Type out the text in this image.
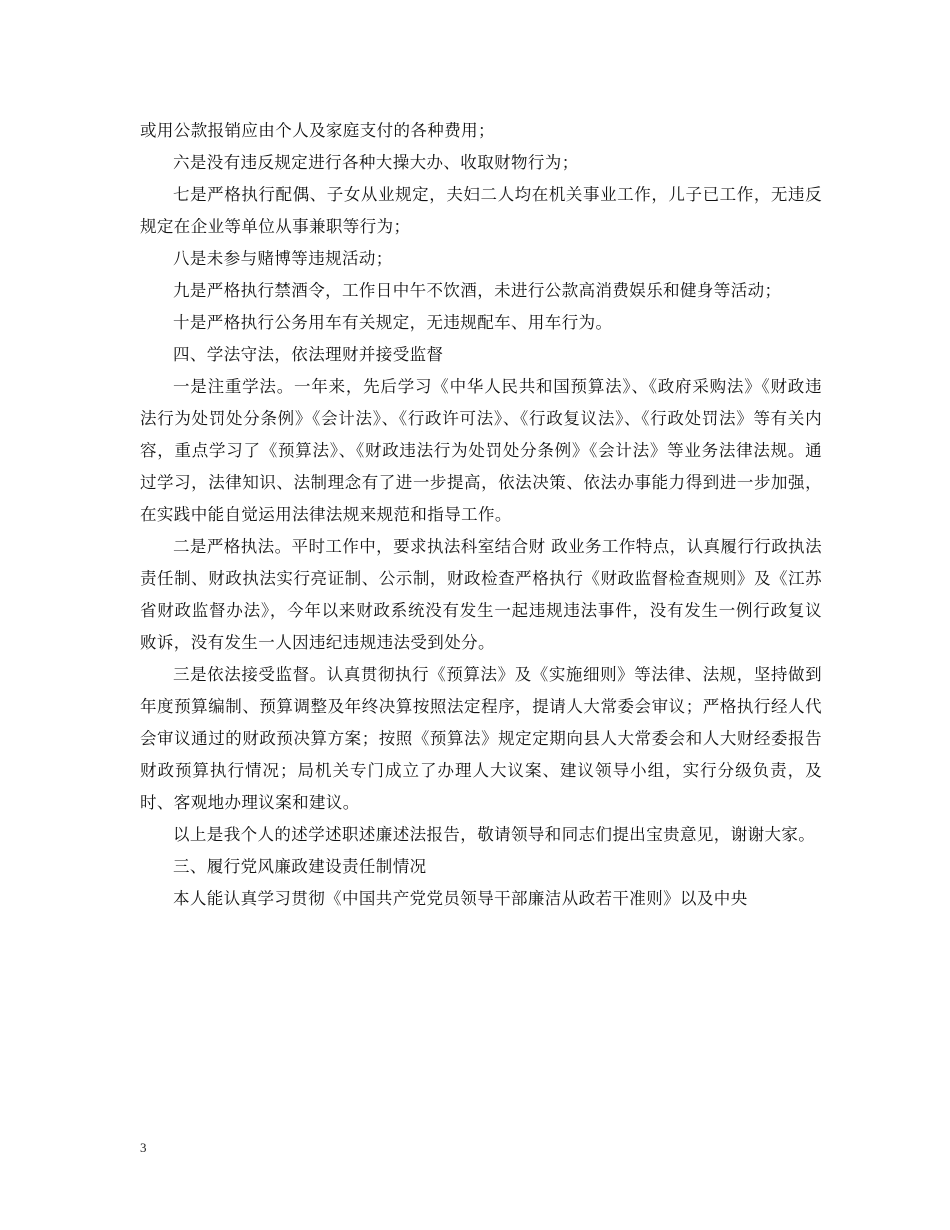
或用公款报销应由个人及家庭支付的各种费用；

六是没有违反规定进行各种大操大办、收取财物行为；

七是严格执行配偶、子女从业规定，夫妇二人均在机关事业工作，儿子已工作，无违反规定在企业等单位从事兼职等行为；

八是未参与赌博等违规活动；

九是严格执行禁酒令，工作日中午不饮酒，未进行公款高消费娱乐和健身等活动；

十是严格执行公务用车有关规定，无违规配车、用车行为。

四、学法守法，依法理财并接受监督

一是注重学法。一年来，先后学习《中华人民共和国预算法》、《政府采购法》《财政违法行为处罚处分条例》《会计法》、《行政许可法》、《行政复议法》、《行政处罚法》等有关内容，重点学习了《预算法》、《财政违法行为处罚处分条例》《会计法》等业务法律法规。通过学习，法律知识、法制理念有了进一步提高，依法决策、依法办事能力得到进一步加强，在实践中能自觉运用法律法规来规范和指导工作。

二是严格执法。平时工作中，要求执法科室结合财 政业务工作特点，认真履行行政执法责任制、财政执法实行亮证制、公示制，财政检查严格执行《财政监督检查规则》及《江苏省财政监督办法》，今年以来财政系统没有发生一起违规违法事件，没有发生一例行政复议败诉，没有发生一人因违纪违规违法受到处分。

三是依法接受监督。认真贯彻执行《预算法》及《实施细则》等法律、法规，坚持做到年度预算编制、预算调整及年终决算按照法定程序，提请人大常委会审议；严格执行经人代会审议通过的财政预决算方案；按照《预算法》规定定期向县人大常委会和人大财经委报告财政预算执行情况；局机关专门成立了办理人大议案、建议领导小组，实行分级负责，及时、客观地办理议案和建议。

以上是我个人的述学述职述廉述法报告，敬请领导和同志们提出宝贵意见，谢谢大家。

三、履行党风廉政建设责任制情况

本人能认真学习贯彻《中国共产党党员领导干部廉洁从政若干准则》以及中央

3
